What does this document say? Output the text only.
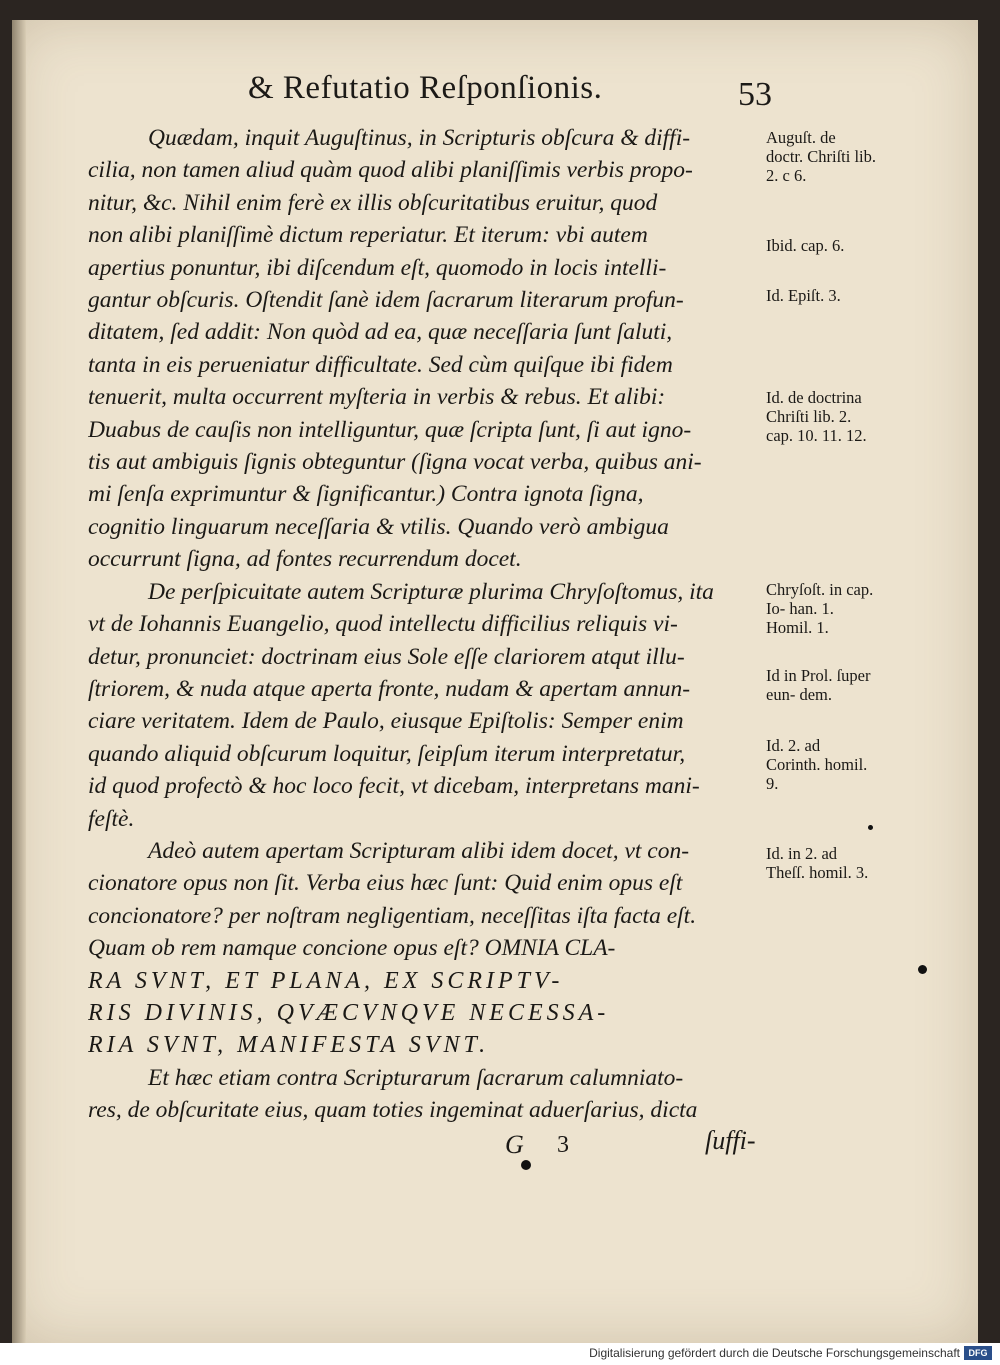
& Refutatio Reſponſionis.	53
Quædam, inquit Auguſtinus, in Scripturis obſcura & diffi-
cilia, non tamen aliud quàm quod alibi planiſſimis verbis propo-
nitur, &c. Nihil enim ferè ex illis obſcuritatibus eruitur, quod
non alibi planiſſimè dictum reperiatur. Et iterum: vbi autem
apertius ponuntur, ibi diſcendum eſt, quomodo in locis intelli-
gantur obſcuris. Oſtendit ſanè idem ſacrarum literarum profun-
ditatem, ſed addit: Non quòd ad ea, quæ neceſſaria ſunt ſaluti,
tanta in eis perueniatur difficultate. Sed cùm quiſque ibi fidem
tenuerit, multa occurrent myſteria in verbis & rebus. Et alibi:
Duabus de cauſis non intelliguntur, quæ ſcripta ſunt, ſi aut igno-
tis aut ambiguis ſignis obteguntur (ſigna vocat verba, quibus ani-
mi ſenſa exprimuntur & ſignificantur.) Contra ignota ſigna,
cognitio linguarum neceſſaria & vtilis. Quando verò ambigua
occurrunt ſigna, ad fontes recurrendum docet.
De perſpicuitate autem Scripturæ plurima Chryſoſtomus, ita
vt de Iohannis Euangelio, quod intellectu difficilius reliquis vi-
detur, pronunciet: doctrinam eius Sole eſſe clariorem atqut illu-
ſtriorem, & nuda atque aperta fronte, nudam & apertam annun-
ciare veritatem. Idem de Paulo, eiusque Epiſtolis: Semper enim
quando aliquid obſcurum loquitur, ſeipſum iterum interpretatur,
id quod profectò & hoc loco fecit, vt dicebam, interpretans mani-
feſtè.
Adeò autem apertam Scripturam alibi idem docet, vt con-
cionatore opus non ſit. Verba eius hæc ſunt: Quid enim opus eſt
concionatore? per noſtram negligentiam, neceſſitas iſta facta eſt.
Quam ob rem namque concione opus eſt? OMNIA CLA-
RA SVNT, ET PLANA, EX SCRIPTV-
RIS DIVINIS, QVÆCVNQVE NECESSA-
RIA SVNT, MANIFESTA SVNT.
Et hæc etiam contra Scripturarum ſacrarum calumniato-
res, de obſcuritate eius, quam toties ingeminat aduerſarius, dicta
Auguſt. de doctr. Chriſti lib. 2. c 6.
Ibid. cap. 6.
Id. Epiſt. 3.
Id. de doctrina Chriſti lib. 2. cap. 10. 11. 12.
Chryſoſt. in cap. Io- han. 1. Homil. 1.
Id in Prol. ſuper eun- dem.
Id. 2. ad Corinth. homil. 9.
Id. in 2. ad Theſſ. homil. 3.
G 3	ſuffi-
Digitalisierung gefördert durch die Deutsche Forschungsgemeinschaft DFG
